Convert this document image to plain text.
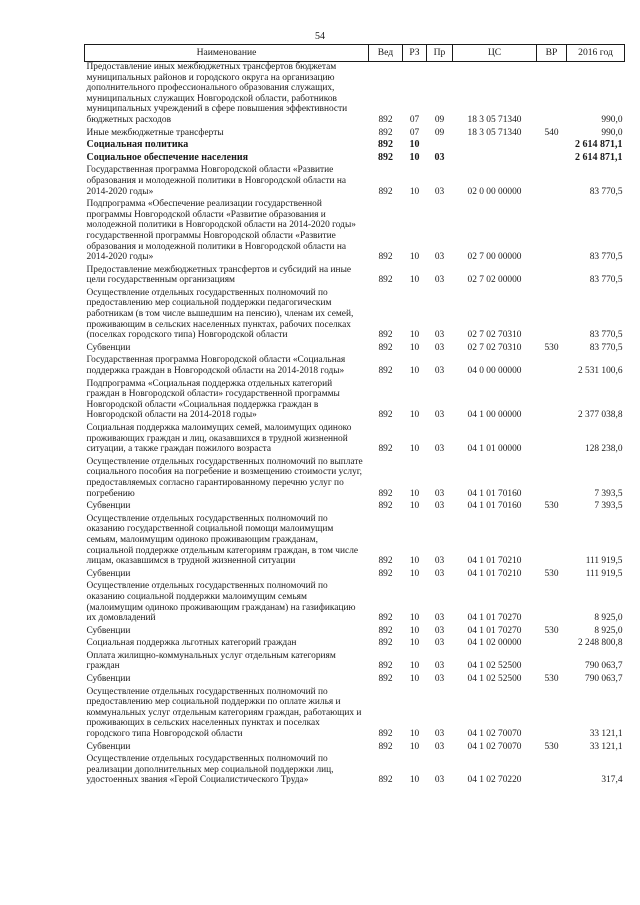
54
Наименование	Вед	РЗ	Пр	ЦС	ВР	2016 год
Предоставление иных межбюджетных трансфертов бюджетам муниципальных районов и городского округа на организацию дополнительного профессионального образования служащих, муниципальных служащих Новгородской области, работников муниципальных учреждений в сфере повышения эффективности бюджетных расходов	892	07	09	18 3 05 71340		990,0
Иные межбюджетные трансферты	892	07	09	18 3 05 71340	540	990,0
Социальная политика	892	10				2 614 871,1
Социальное обеспечение населения	892	10	03			2 614 871,1
Государственная программа Новгородской области «Развитие образования и молодежной политики в Новгородской области на 2014-2020 годы»	892	10	03	02 0 00 00000		83 770,5
Подпрограмма «Обеспечение реализации государственной программы Новгородской области «Развитие образования и молодежной политики в Новгородской области на 2014-2020 годы» государственной программы Новгородской области «Развитие образования и молодежной политики в Новгородской области на 2014-2020 годы»	892	10	03	02 7 00 00000		83 770,5
Предоставление межбюджетных трансфертов и субсидий на иные цели государственным организациям	892	10	03	02 7 02 00000		83 770,5
Осуществление отдельных государственных полномочий по предоставлению мер социальной поддержки педагогическим работникам (в том числе вышедшим на пенсию), членам их семей, проживающим в сельских населенных пунктах, рабочих поселках (поселках городского типа) Новгородской области	892	10	03	02 7 02 70310		83 770,5
Субвенции	892	10	03	02 7 02 70310	530	83 770,5
Государственная программа Новгородской области «Социальная поддержка граждан в Новгородской области на 2014-2018 годы»	892	10	03	04 0 00 00000		2 531 100,6
Подпрограмма «Социальная поддержка отдельных категорий граждан в Новгородской области» государственной программы Новгородской области «Социальная поддержка граждан в Новгородской области на 2014-2018 годы»	892	10	03	04 1 00 00000		2 377 038,8
Социальная поддержка малоимущих семей, малоимущих одиноко проживающих граждан и лиц, оказавшихся в трудной жизненной ситуации, а также граждан пожилого возраста	892	10	03	04 1 01 00000		128 238,0
Осуществление отдельных государственных полномочий по выплате социального пособия на погребение и возмещению стоимости услуг, предоставляемых согласно гарантированному перечню услуг по погребению	892	10	03	04 1 01 70160		7 393,5
Субвенции	892	10	03	04 1 01 70160	530	7 393,5
Осуществление отдельных государственных полномочий по оказанию государственной социальной помощи малоимущим семьям, малоимущим одиноко проживающим гражданам, социальной поддержке отдельным категориям граждан, в том числе лицам, оказавшимся в трудной жизненной ситуации	892	10	03	04 1 01 70210		111 919,5
Субвенции	892	10	03	04 1 01 70210	530	111 919,5
Осуществление отдельных государственных полномочий по оказанию социальной поддержки малоимущим семьям (малоимущим одиноко проживающим гражданам) на газификацию их домовладений	892	10	03	04 1 01 70270		8 925,0
Субвенции	892	10	03	04 1 01 70270	530	8 925,0
Социальная поддержка льготных категорий граждан	892	10	03	04 1 02 00000		2 248 800,8
Оплата жилищно-коммунальных услуг отдельным категориям граждан	892	10	03	04 1 02 52500		790 063,7
Субвенции	892	10	03	04 1 02 52500	530	790 063,7
Осуществление отдельных государственных полномочий по предоставлению мер социальной поддержки по оплате жилья и коммунальных услуг отдельным категориям граждан, работающих и проживающих в сельских населенных пунктах и поселках городского типа Новгородской области	892	10	03	04 1 02 70070		33 121,1
Субвенции	892	10	03	04 1 02 70070	530	33 121,1
Осуществление отдельных государственных полномочий по реализации дополнительных мер социальной поддержки лиц, удостоенных звания «Герой Социалистического Труда»	892	10	03	04 1 02 70220		317,4
